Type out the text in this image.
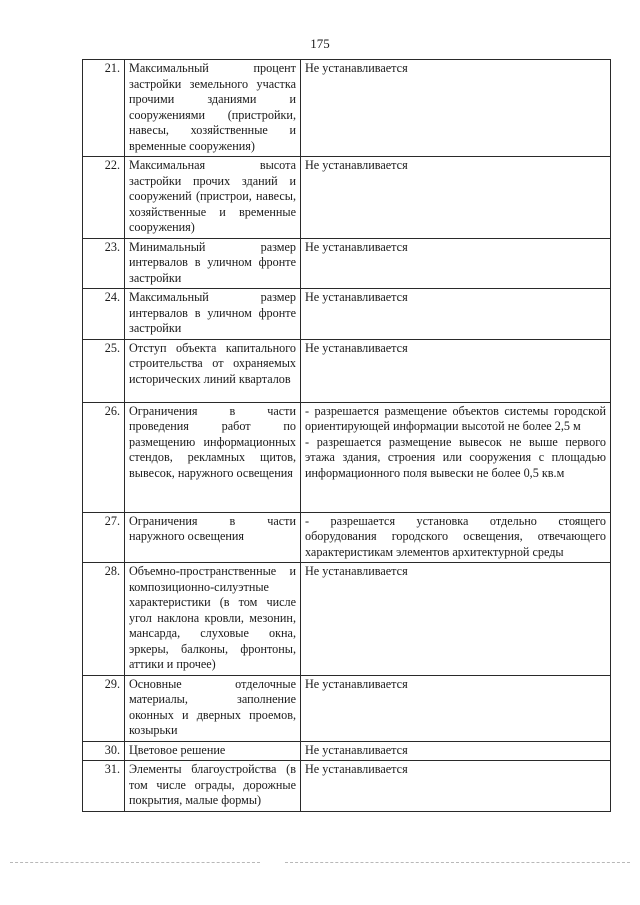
175
21.	Максимальный процент застройки земельного участка прочими зданиями и сооружениями (пристройки, навесы, хозяйственные и временные сооружения)	Не устанавливается

22.	Максимальная высота застройки прочих зданий и сооружений (пристрои, навесы, хозяйственные и временные сооружения)	Не устанавливается

23.	Минимальный размер интервалов в уличном фронте застройки	Не устанавливается

24.	Максимальный размер интервалов в уличном фронте застройки	Не устанавливается

25.	Отступ объекта капитального строительства от охраняемых исторических линий кварталов	Не устанавливается

26.	Ограничения в части проведения работ по размещению информационных стендов, рекламных щитов, вывесок, наружного освещения	- разрешается размещение объектов системы городской ориентирующей информации высотой не более 2,5 м
- разрешается размещение вывесок не выше первого этажа здания, строения или сооружения с площадью информационного поля вывески не более 0,5 кв.м

27.	Ограничения в части наружного освещения	- разрешается установка отдельно стоящего оборудования городского освещения, отвечающего характеристикам элементов архитектурной среды

28.	Объемно-пространственные и композиционно-силуэтные характеристики (в том числе угол наклона кровли, мезонин, мансарда, слуховые окна, эркеры, балконы, фронтоны, аттики и прочее)	Не устанавливается

29.	Основные отделочные материалы, заполнение оконных и дверных проемов, козырьки	Не устанавливается

30.	Цветовое решение	Не устанавливается

31.	Элементы благоустройства (в том числе ограды, дорожные покрытия, малые формы)	Не устанавливается
